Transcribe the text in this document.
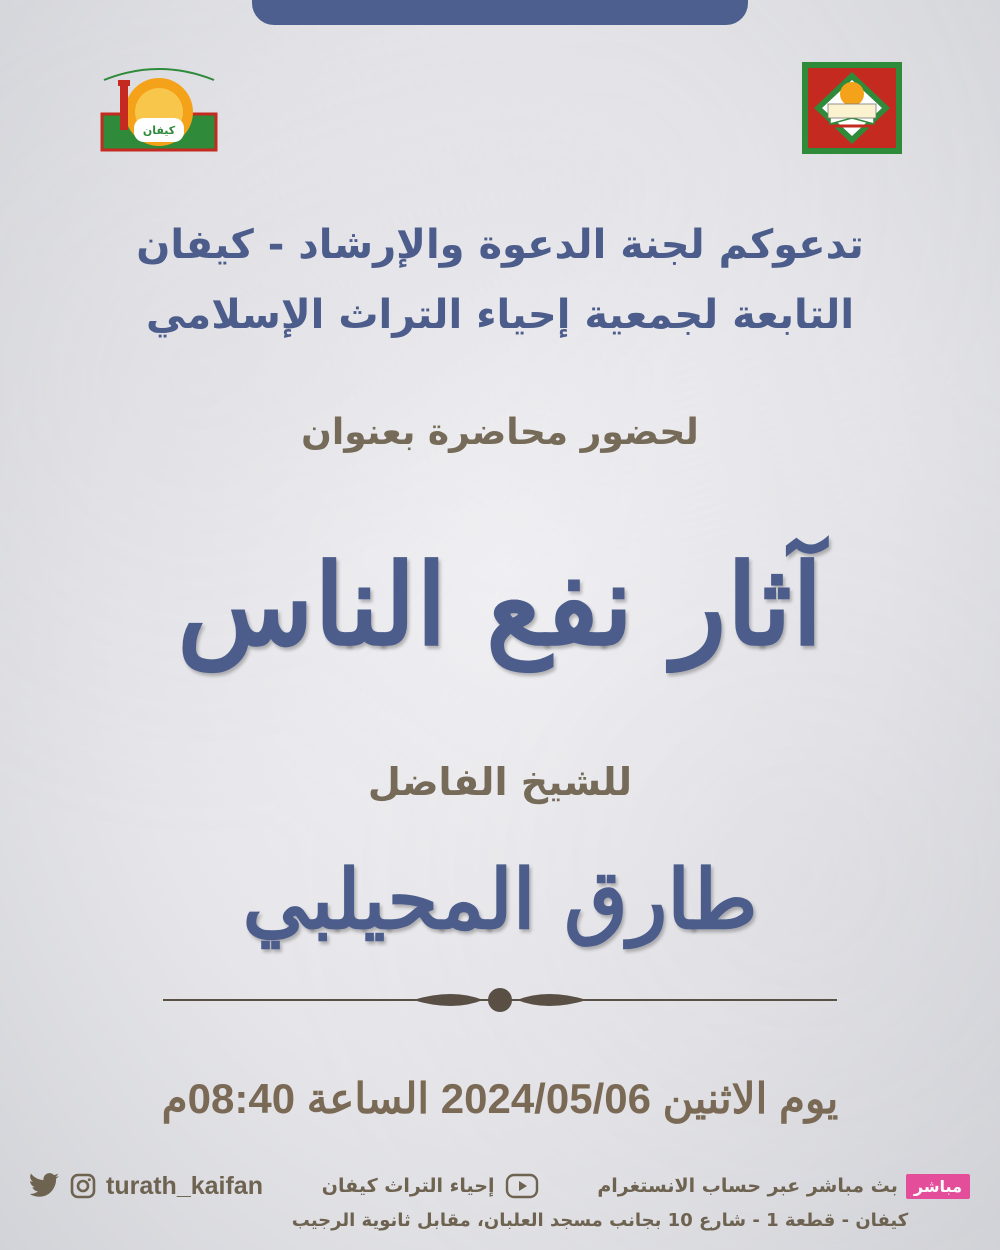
كيفان
تدعوكم لجنة الدعوة والإرشاد - كيفان
التابعة لجمعية إحياء التراث الإسلامي
لحضور محاضرة بعنوان
آثار نفع الناس
للشيخ الفاضل
طارق المحيلبي
يوم الاثنين 2024/05/06 الساعة 08:40م
turath_kaifan	إحياء التراث كيفان	مباشر
بث مباشر عبر حساب الانستغرام
كيفان - قطعة 1 - شارع 10 بجانب مسجد العلبان، مقابل ثانوية الرجيب
